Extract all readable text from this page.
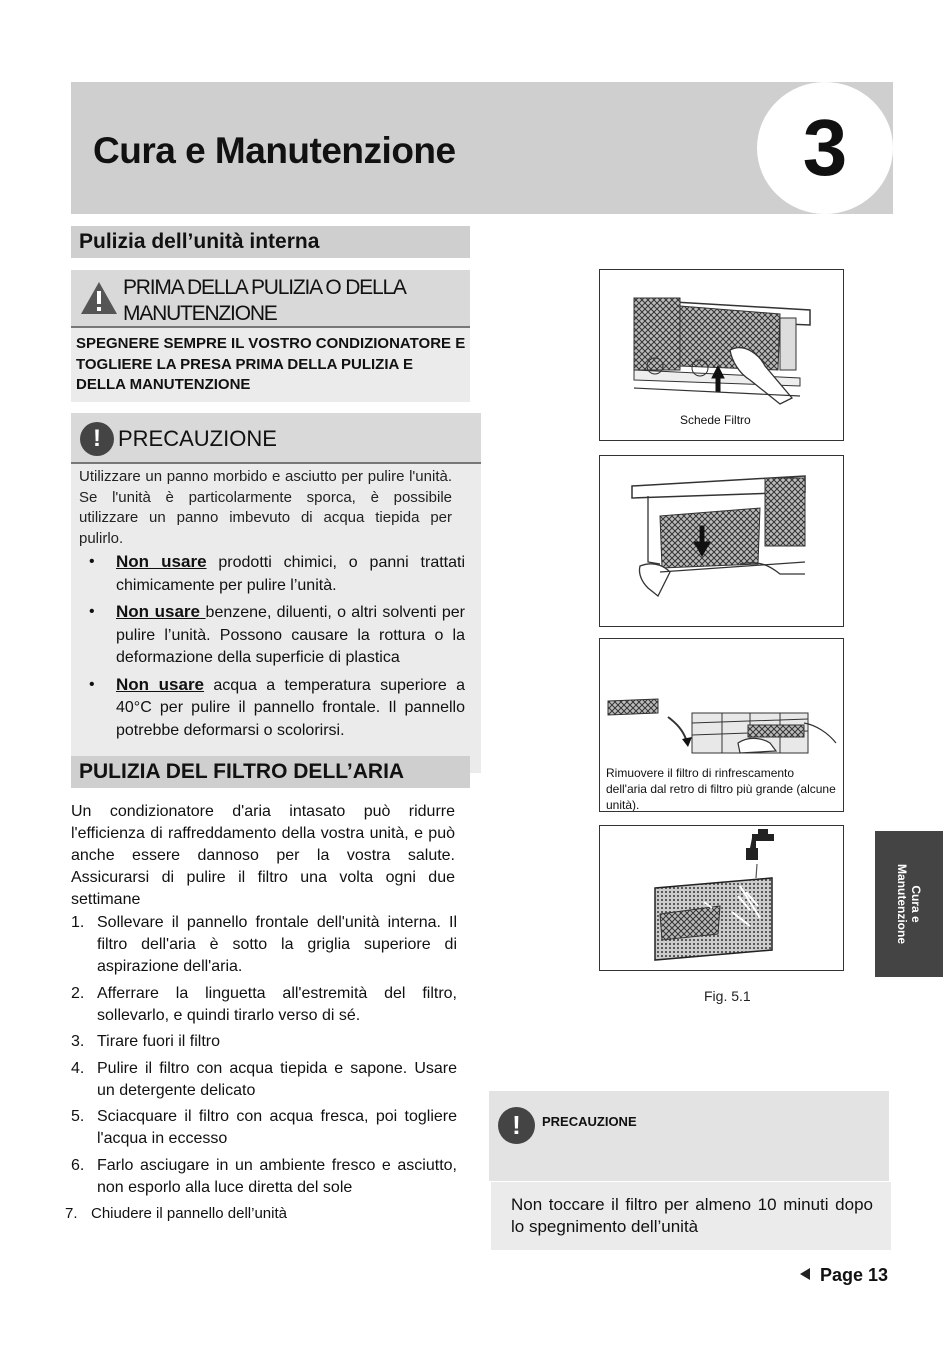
Cura e Manutenzione	3
Pulizia dell’unità interna
PRIMA DELLA PULIZIA O DELLA MANUTENZIONE
SPEGNERE SEMPRE IL VOSTRO CONDIZIONATORE E TOGLIERE LA PRESA PRIMA DELLA PULIZIA E DELLA MANUTENZIONE
! PRECAUZIONE
Utilizzare un panno morbido e asciutto per pulire l'unità. Se l'unità è particolarmente sporca, è possibile utilizzare un panno imbevuto di acqua tiepida per pulirlo.
• Non usare prodotti chimici, o panni trattati chimicamente per pulire l’unità.
• Non usare benzene, diluenti, o altri solventi per pulire l’unità. Possono causare la rottura o la deformazione della superficie di plastica
• Non usare acqua a temperatura superiore a 40°C per pulire il pannello frontale. Il pannello potrebbe deformarsi o scolorirsi.
PULIZIA DEL FILTRO DELL’ARIA
Un condizionatore d'aria intasato può ridurre l'efficienza di raffreddamento della vostra unità, e può anche essere dannoso per la vostra salute. Assicurarsi di pulire il filtro una volta ogni due settimane
1. Sollevare il pannello frontale dell'unità interna. Il filtro dell'aria è sotto la griglia superiore di aspirazione dell'aria.
2. Afferrare la linguetta all'estremità del filtro, sollevarlo, e quindi tirarlo verso di sé.
3. Tirare fuori il filtro
4. Pulire il filtro con acqua tiepida e sapone. Usare un detergente delicato
5. Sciacquare il filtro con acqua fresca, poi togliere l'acqua in eccesso
6. Farlo asciugare in un ambiente fresco e asciutto, non esporlo alla luce diretta del sole
7. Chiudere il pannello dell’unità
Schede Filtro
Rimuovere il filtro di rinfrescamento dell'aria dal retro di filtro più grande (alcune unità).
Fig. 5.1
Cura e
Manutenzione
!	PRECAUZIONE
Non toccare il filtro per almeno 10 minuti dopo lo spegnimento dell’unità
Page 13
